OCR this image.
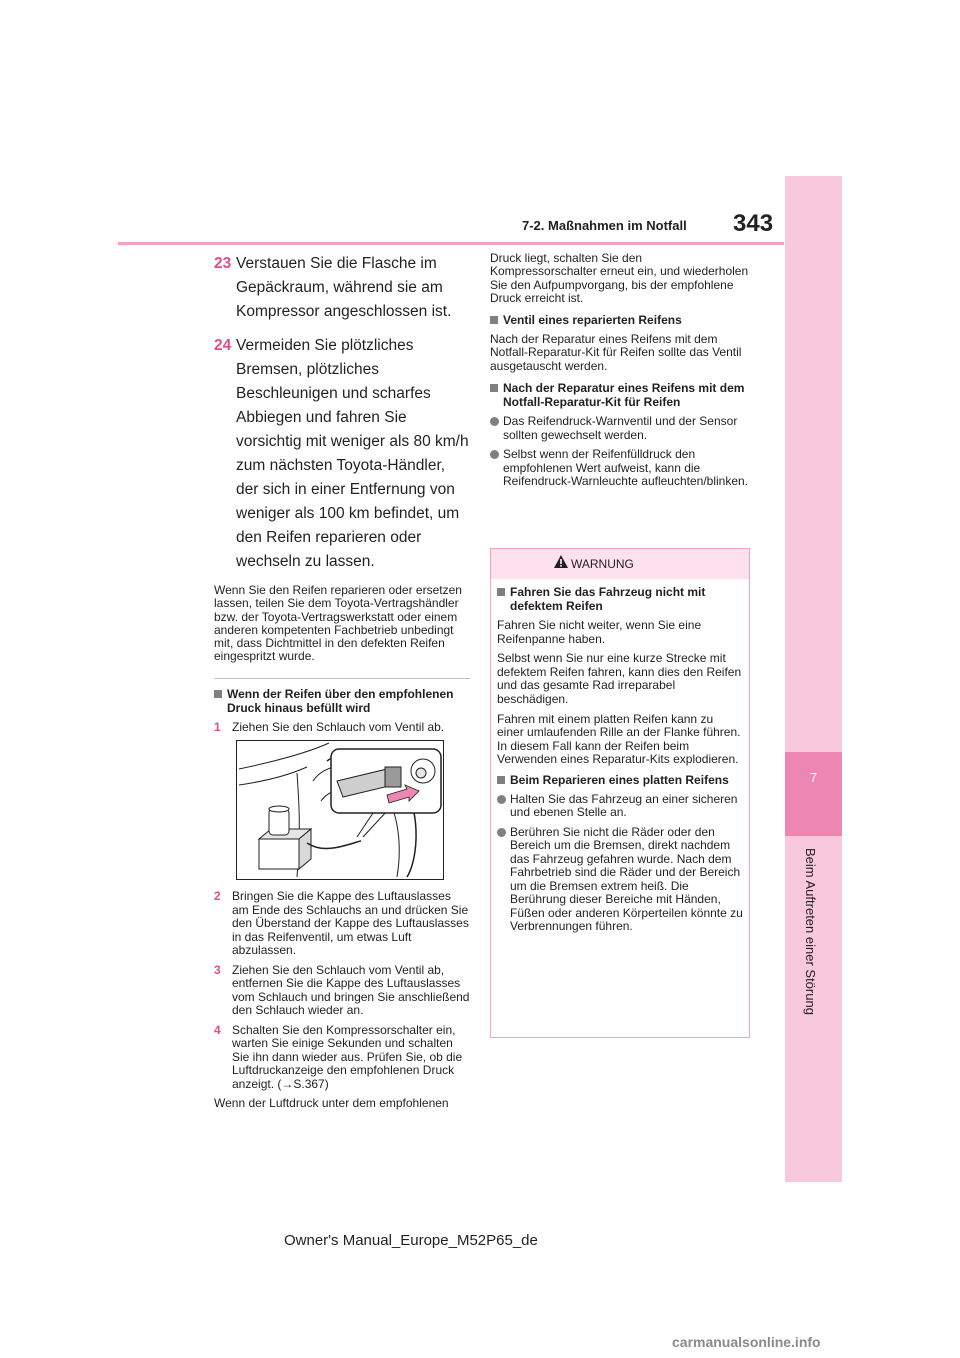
7-2. Maßnahmen im Notfall 343
7
Beim Auftreten einer Störung
23 Verstauen Sie die Flasche im Gepäckraum, während sie am Kompressor angeschlossen ist.
24 Vermeiden Sie plötzliches Bremsen, plötzliches Beschleunigen und scharfes Abbiegen und fahren Sie vorsichtig mit weniger als 80 km/h zum nächsten Toyota-Händler, der sich in einer Entfernung von weniger als 100 km befindet, um den Reifen reparieren oder wechseln zu lassen.

Wenn Sie den Reifen reparieren oder ersetzen lassen, teilen Sie dem Toyota-Vertragshändler bzw. der Toyota-Vertragswerkstatt oder einem anderen kompetenten Fachbetrieb unbedingt mit, dass Dichtmittel in den defekten Reifen eingespritzt wurde.

Wenn der Reifen über den empfohlenen Druck hinaus befüllt wird
1 Ziehen Sie den Schlauch vom Ventil ab.
2 Bringen Sie die Kappe des Luftauslasses am Ende des Schlauchs an und drücken Sie den Überstand der Kappe des Luftauslasses in das Reifenventil, um etwas Luft abzulassen.
3 Ziehen Sie den Schlauch vom Ventil ab, entfernen Sie die Kappe des Luftauslasses vom Schlauch und bringen Sie anschließend den Schlauch wieder an.
4 Schalten Sie den Kompressorschalter ein, warten Sie einige Sekunden und schalten Sie ihn dann wieder aus. Prüfen Sie, ob die Luftdruckanzeige den empfohlenen Druck anzeigt. (→S.367)

Wenn der Luftdruck unter dem empfohlenen

Druck liegt, schalten Sie den Kompressorschalter erneut ein, und wiederholen Sie den Aufpumpvorgang, bis der empfohlene Druck erreicht ist.

Ventil eines reparierten Reifens

Nach der Reparatur eines Reifens mit dem Notfall-Reparatur-Kit für Reifen sollte das Ventil ausgetauscht werden.

Nach der Reparatur eines Reifens mit dem Notfall-Reparatur-Kit für Reifen
Das Reifendruck-Warnventil und der Sensor sollten gewechselt werden.
Selbst wenn der Reifenfülldruck den empfohlenen Wert aufweist, kann die Reifendruck-Warnleuchte aufleuchten/blinken.
WARNUNG
Fahren Sie das Fahrzeug nicht mit defektem Reifen
Fahren Sie nicht weiter, wenn Sie eine Reifenpanne haben.
Selbst wenn Sie nur eine kurze Strecke mit defektem Reifen fahren, kann dies den Reifen und das gesamte Rad irreparabel beschädigen.
Fahren mit einem platten Reifen kann zu einer umlaufenden Rille an der Flanke führen. In diesem Fall kann der Reifen beim Verwenden eines Reparatur-Kits explodieren.
Beim Reparieren eines platten Reifens
Halten Sie das Fahrzeug an einer sicheren und ebenen Stelle an.
Berühren Sie nicht die Räder oder den Bereich um die Bremsen, direkt nachdem das Fahrzeug gefahren wurde. Nach dem Fahrbetrieb sind die Räder und der Bereich um die Bremsen extrem heiß. Die Berührung dieser Bereiche mit Händen, Füßen oder anderen Körperteilen könnte zu Verbrennungen führen.
Owner's Manual_Europe_M52P65_de
carmanualsonline.info
